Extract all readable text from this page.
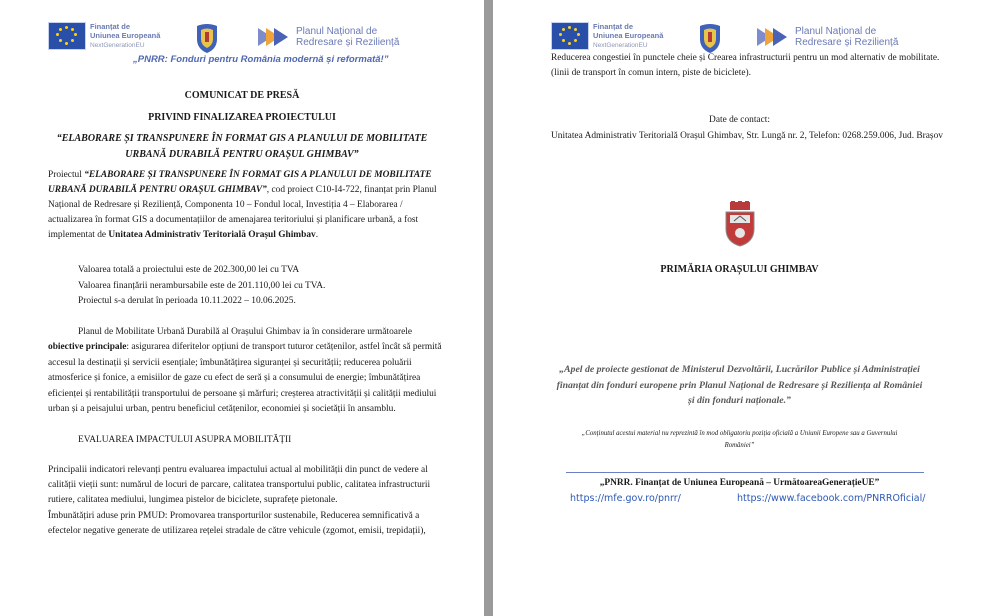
Finanțat de
Uniunea Europeană
NextGenerationEU
Planul Național de
Redresare și Reziliență
„PNRR: Fonduri pentru România modernă și reformată!”
COMUNICAT DE PRESĂ
PRIVIND FINALIZAREA PROIECTULUI
“ELABORARE ȘI TRANSPUNERE ÎN FORMAT GIS A PLANULUI DE MOBILITATE
URBANĂ DURABILĂ PENTRU ORAȘUL GHIMBAV”
Proiectul “ELABORARE ȘI TRANSPUNERE ÎN FORMAT GIS A PLANULUI DE MOBILITATE
URBANĂ DURABILĂ PENTRU ORAȘUL GHIMBAV”, cod proiect C10-I4-722, finanțat prin Planul
Național de Redresare și Reziliență, Componenta 10 – Fondul local, Investiția 4 – Elaborarea /
actualizarea în format GIS a documentațiilor de amenajarea teritoriului și planificare urbană, a fost
implementat de Unitatea Administrativ Teritorială Orașul Ghimbav.
Valoarea totală a proiectului este de 202.300,00 lei cu TVA
Valoarea finanțării nerambursabile este de 201.110,00 lei cu TVA.
Proiectul s-a derulat în perioada 10.11.2022 – 10.06.2025.
Planul de Mobilitate Urbană Durabilă al Orașului Ghimbav ia în considerare următoarele
obiective principale: asigurarea diferitelor opțiuni de transport tuturor cetățenilor, astfel încât să permită
accesul la destinații și servicii esențiale; îmbunătățirea siguranței și securității; reducerea poluării
atmosferice și fonice, a emisiilor de gaze cu efect de seră și a consumului de energie; îmbunătățirea
eficienței și rentabilității transportului de persoane și mărfuri; creșterea atractivității și calității mediului
urban și a peisajului urban, pentru beneficiul cetățenilor, economiei și societății în ansamblu.
EVALUAREA IMPACTULUI ASUPRA MOBILITĂȚII
Principalii indicatori relevanți pentru evaluarea impactului actual al mobilității din punct de vedere al
calității vieții sunt: numărul de locuri de parcare, calitatea transportului public, calitatea infrastructurii
rutiere, calitatea mediului, lungimea pistelor de biciclete, suprafețe pietonale.
Îmbunătățiri aduse prin PMUD: Promovarea transporturilor sustenabile, Reducerea semnificativă a
efectelor negative generate de utilizarea rețelei stradale de către vehicule (zgomot, emisii, trepidații),
Finanțat de
Uniunea Europeană
NextGenerationEU
Planul Național de
Redresare și Reziliență
Reducerea congestiei în punctele cheie și Crearea infrastructurii pentru un mod alternativ de mobilitate.
(linii de transport în comun intern, piste de biciclete).
Date de contact:
Unitatea Administrativ Teritorială Orașul Ghimbav, Str. Lungă nr. 2, Telefon: 0268.259.006, Jud. Brașov
PRIMĂRIA ORAȘULUI GHIMBAV
„Apel de proiecte gestionat de Ministerul Dezvoltării, Lucrărilor Publice și Administrației
finanțat din fonduri europene prin Planul Național de Redresare și Reziliența al României
și din fonduri naționale.”
„Conținutul acestui material nu reprezintă în mod obligatoriu poziția oficială a Uniunii Europene sau a Guvernului
României”
„PNRR. Finanțat de Uniunea Europeană – UrmătoareaGenerațieUE”
https://mfe.gov.ro/pnrr/	https://www.facebook.com/PNRROficial/
